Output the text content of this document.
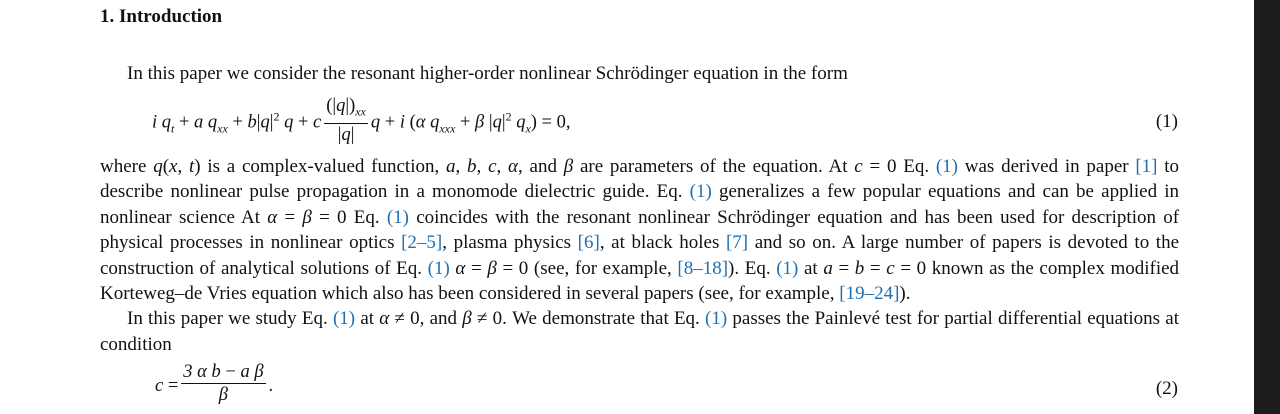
1. Introduction
In this paper we consider the resonant higher-order nonlinear Schrödinger equation in the form
i $q_t + a$ $q_{xx} + b|q|^2$ q + c $\frac{(|q|)_{xx}}{|q|}$ q + i (α $q_{xxx} + \beta$ $|q|^2$ $q_x) = 0$,	(1)

where q(x, t) is a complex-valued function, a, b, c, α, and β are parameters of the equation. At c = 0 Eq. (1) was derived in paper [1] to describe nonlinear pulse propagation in a monomode dielectric guide. Eq. (1) generalizes a few popular equations and can be applied in nonlinear science At α = β = 0 Eq. (1) coincides with the resonant nonlinear Schrödinger equation and has been used for description of physical processes in nonlinear optics [2–5], plasma physics [6], at black holes [7] and so on. A large number of papers is devoted to the construction of analytical solutions of Eq. (1) α = β = 0 (see, for example, [8–18]). Eq. (1) at a = b = c = 0 known as the complex modified Korteweg–de Vries equation which also has been considered in several papers (see, for example, [19–24]).

In this paper we study Eq. (1) at α ≠ 0, and β ≠ 0. We demonstrate that Eq. (1) passes the Painlevé test for partial differential equations at condition

$c = \frac{\text{3 α b − a β}}{\beta}$ .	(2)
